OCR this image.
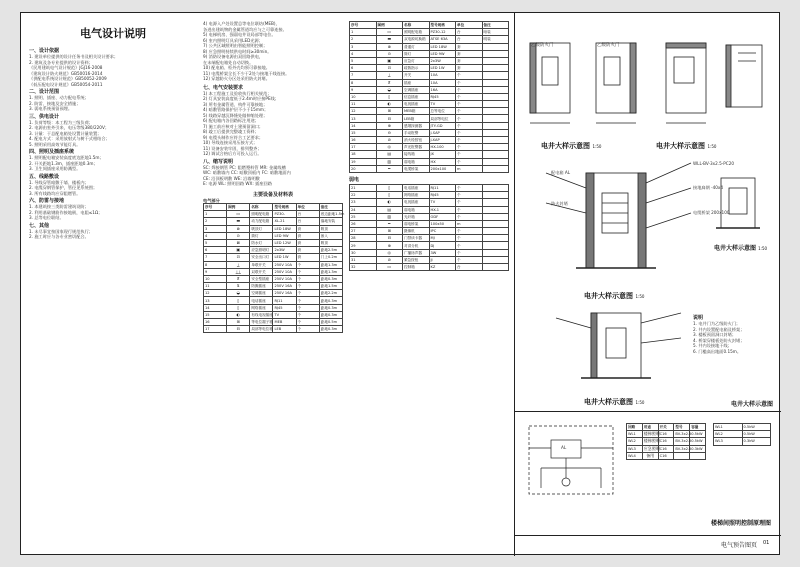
电气设计说明
一、设计依据
1. 建设单位提供的设计任务书及相关设计要求；
2. 建筑及各专业提供的设计资料；
《民用建筑电气设计规范》JGJ16-2008
《建筑设计防火规范》GB50016-2014
《供配电系统设计规范》GB50052-2009
《低压配电设计规范》GB50054-2011
二、设计范围
1. 照明、插座、动力配电系统；
2. 防雷、接地及安全措施；
3. 弱电系统预留预埋。
三、供电设计
1. 负荷等级：本工程为三级负荷；
2. 电源由室外引来，电压等级380/220V；
3. 计量：于总配电箱处设置计量装置；
4. 配电方式：采用放射式与树干式相结合；
5. 照明采用高效节能灯具。
四、照明及插座系统
1. 照明配电箱安装高度底边距地1.5m；
2. 开关距地1.3m，插座距地0.3m；
3. 卫生间插座采用防溅型。
五、线路敷设
1. 导线穿管暗敷于墙、楼板内；
2. 电缆穿钢管保护，管径见系统图；
3. 所有线路均应穿阻燃管。
六、防雷与接地
1. 本建筑按三类防雷建筑设防；
2. 利用基础钢筋作接地极，电阻≤1Ω；
3. 总等电位联结。
七、其他
1. 未尽事宜按国家现行规范执行；
2. 施工时应与各专业密切配合。
4) 电源入户处设置总等电位联结(MEB)，
各进出建筑物的金属管道均应与之可靠连接。
5) 电梯机房、强弱电井设局部等电位。
6) 室内照明灯具采用LED光源；
7) 公共区域照明由智能照明控制；
8) 应急照明持续供电时间≥30min。
9) 消防设备电源由双回路供电，
在末端配电箱处自动切换。
10) 配电箱、柜外壳均须可靠接地。
11) 电缆桥架全长不少于2处与接地干线连接。
12) 穿越防火分区处采用防火封堵。
七、电气安装要求
1) 本工程施工及验收执行相关规范；
2) 灯具安装高度低于2.4m时应接PE线；
3) 所有金属管道、构件可靠接地；
4) 暗敷管路保护层不小于15mm；
5) 线路穿越沉降缝处做伸缩处理；
6) 配电箱内各回路标注用途；
7) 施工前应核对土建预留洞口；
8) 竣工后提供完整竣工资料；
9) 电缆头制作应符合工艺要求；
10) 导线连接采用压接方式；
11) 设备安装牢固，排列整齐；
12) 调试合格后方可投入运行。
八、缩写说明
SC: 焊接钢管 PC: 阻燃塑料管 MR: 金属线槽
WC: 暗敷墙内 CC: 暗敷顶板内 FC: 暗敷地面内
CE: 沿顶板明敷 WE: 沿墙明敷
E: 电源 WL: 照明回路 WX: 插座回路
主要设备及材料表
电气部分
序号	图例	名称	型号规格	单位	备注
1	▭	照明配电箱	PZ30-	台	底边距地1.5m
2	▬	动力配电箱	XL-21	台	落地安装
3	⊗	吸顶灯	LED 18W	套	吸顶
4	⊙	筒灯	LED 9W	套	嵌入
5	⊠	防水灯	LED 12W	套	吸顶
6	▣	应急照明灯	2x3W	套	距地2.5m
7	⊡	安全出口灯	LED 1W	套	门上0.2m
8	⟂	单联开关	250V 10A	个	距地1.3m
9	⟂⟂	双联开关	250V 10A	个	距地1.3m
10	⊼	安全型插座	250V 10A	个	距地0.3m
11	⊻	防溅插座	250V 16A	个	距地1.5m
12	◒	空调插座	250V 16A	个	距地2.2m
13	▯	电话插座	RJ11	个	距地0.3m
14	▯	网络插座	RJ45	个	距地0.3m
15	◐	有线电视插座	TV	个	距地0.3m
16	⊞	等电位端子箱	MEB	个	距地0.5m
17	⊟	局部等电位箱	LEB	个	距地0.3m
序号	图例	名称	型号规格	单位	备注
1	▭	照明配电箱	PZ30-12	台	暗装
2	▬	双电源切换箱	ATSE 63A	台	明装
3	⊗	普通灯	LED 18W	套	
4	⊙	筒灯	LED 9W	套	
5	▣	应急灯	2x3W	套	
6	⊡	疏散指示	LED 1W	套	
7	⟂	开关	10A	个	
8	⊼	插座	10A	个	
9	◒	空调插座	16A	个	
10	▯	信息插座	RJ45	个	
11	◐	电视插座	TV	个	
12	⊞	MEB箱	总等电位	个	
13	⊟	LEB箱	局部等电位	个	
14	⊕	感烟探测器	JTY-GD	个	
15	⊖	手动报警	J-SAP	个	
16	⊘	消火栓按钮	J-XAP	个	
17	◎	声光报警器	HX-100	个	
18	▤	接线箱	JX	个	
19	▥	弱电箱	HX	个	
20	═	电缆桥架	200x100	m	
弱电
21	▯	电话插座	RJ11	个	
22	▯	网络插座	RJ45	个	
23	◐	电视插座	TV	个	
24	▤	弱电箱	HX-1	个	
25	▥	光纤箱	ODF	个	
26	═	弱电桥架	100x50	m	
27	⊞	摄像机	IPC	个	
28	⊟	门禁读卡器	MJ	个	
29	⊕	对讲分机	DJ	个	
30	◎	广播扬声器	3W	个	
31	⊘	紧急按钮	JJ	个	
32	▭	控制箱	KZ	台	
乙级防火门	乙级防火门
电井大样示意图 1:50	电井大样示意图 1:50
电井大样示意图 1:50
电井大样示意图 1:50
电井大样示意图 1:50
WLL-BV-3x2.5-PC20
接地扁钢 -40x4
电缆桥架 200x100
配电箱 AL
防火封堵
说明
1. 电井门为乙级防火门；
2. 井内设置配电箱及桥架；
3. 楼板预留洞口封堵；
4. 桥架穿楼板处防火封堵；
5. 井内设接地干线；
6. 门槛高出地面0.15m。
电井大样示意图
AL
回路	用途	开关	型号	容量
WL1	楼梯照明	C16	BV-3x2.5	0.5kW
WL2	楼梯照明	C16	BV-3x2.5	0.5kW
WL3	应急照明	C16	BV-3x2.5	0.3kW
WL4	备用	C16		
WL1	0.5kW
WL2	0.5kW
WL3	0.3kW
楼梯间照明控制原理图
电气预告图页 01
